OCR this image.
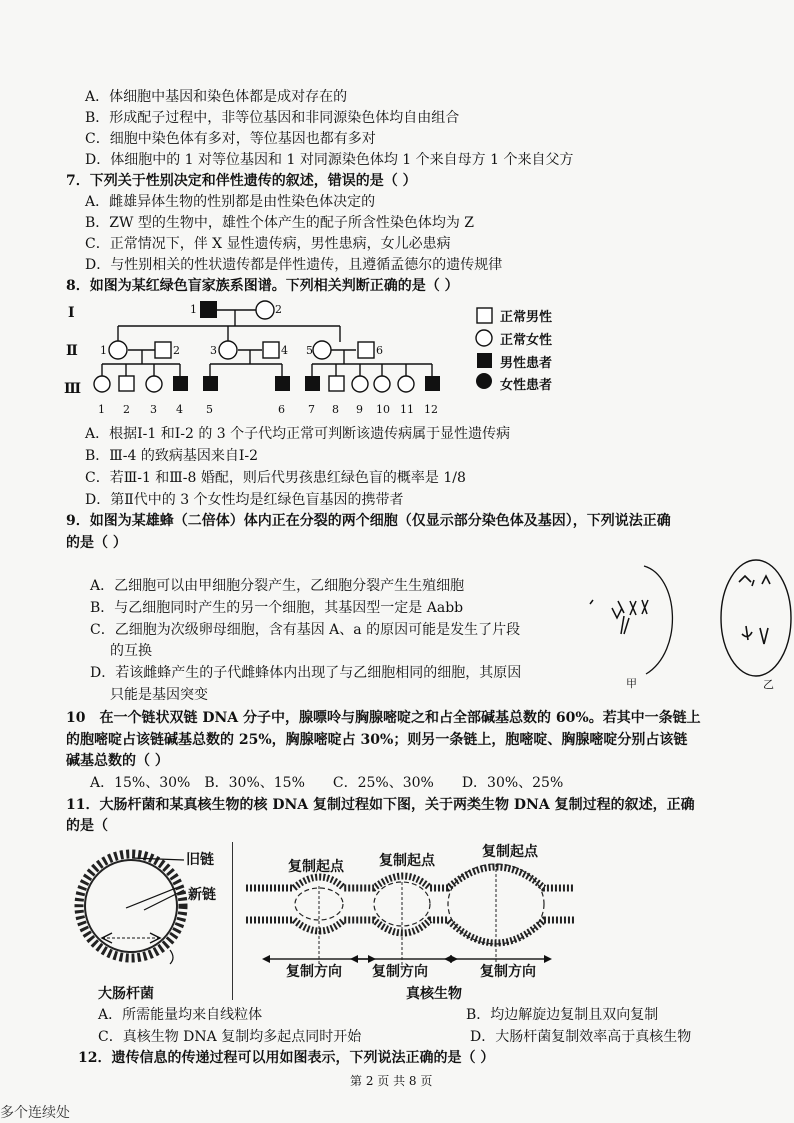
A．体细胞中基因和染色体都是成对存在的
B．形成配子过程中，非等位基因和非同源染色体均自由组合
C．细胞中染色体有多对，等位基因也都有多对
D．体细胞中的 1 对等位基因和 1 对同源染色体均 1 个来自母方 1 个来自父方
7．下列关于性别决定和伴性遗传的叙述，错误的是（ ）
A．雌雄异体生物的性别都是由性染色体决定的
B．ZW 型的生物中，雄性个体产生的配子所含性染色体均为 Z
C．正常情况下，伴 X 显性遗传病，男性患病，女儿必患病
D．与性别相关的性状遗传都是伴性遗传，且遵循孟德尔的遗传规律
8．如图为某红绿色盲家族系图谱。下列相关判断正确的是（ ）
Ⅰ
Ⅱ
Ⅲ
1	2
1	2	3	4 5	6
1 2 3 4 5	6 7 8 9 10 11 12
正常男性
正常女性
男性患者
女性患者
A．根据Ⅰ-1 和Ⅰ-2 的 3 个子代均正常可判断该遗传病属于显性遗传病
B．Ⅲ-4 的致病基因来自Ⅰ-2
C．若Ⅲ-1 和Ⅲ-8 婚配，则后代男孩患红绿色盲的概率是 1/8
D．第Ⅱ代中的 3 个女性均是红绿色盲基因的携带者
9．如图为某雄蜂（二倍体）体内正在分裂的两个细胞（仅显示部分染色体及基因），下列说法正确
的是（ ）
A．乙细胞可以由甲细胞分裂产生，乙细胞分裂产生生殖细胞
B．与乙细胞同时产生的另一个细胞，其基因型一定是 Aabb
C．乙细胞为次级卵母细胞，含有基因 A、a 的原因可能是发生了片段
的互换
D．若该雌蜂产生的子代雌蜂体内出现了与乙细胞相同的细胞，其原因
只能是基因突变
甲	乙
10　在一个链状双链 DNA 分子中，腺嘌呤与胸腺嘧啶之和占全部碱基总数的 60%。若其中一条链上
的胞嘧啶占该链碱基总数的 25%，胸腺嘧啶占 30%；则另一条链上，胞嘧啶、胸腺嘧啶分别占该链
碱基总数的（ ）
A．15%、30%　B．30%、15%　　C．25%、30%　　D．30%、25%
11．大肠杆菌和某真核生物的核 DNA 复制过程如下图，关于两类生物 DNA 复制过程的叙述，正确
的是（
旧链
新链
大肠杆菌
复制起点	复制起点
复制起点
复制方向 复制方向	复制方向
真核生物
A．所需能量均来自线粒体	B．均边解旋边复制且双向复制
C．真核生物 DNA 复制均多起点同时开始	D．大肠杆菌复制效率高于真核生物
12．遗传信息的传递过程可以用如图表示，下列说法正确的是（ ）
第 2 页 共 8 页
多个连续处
